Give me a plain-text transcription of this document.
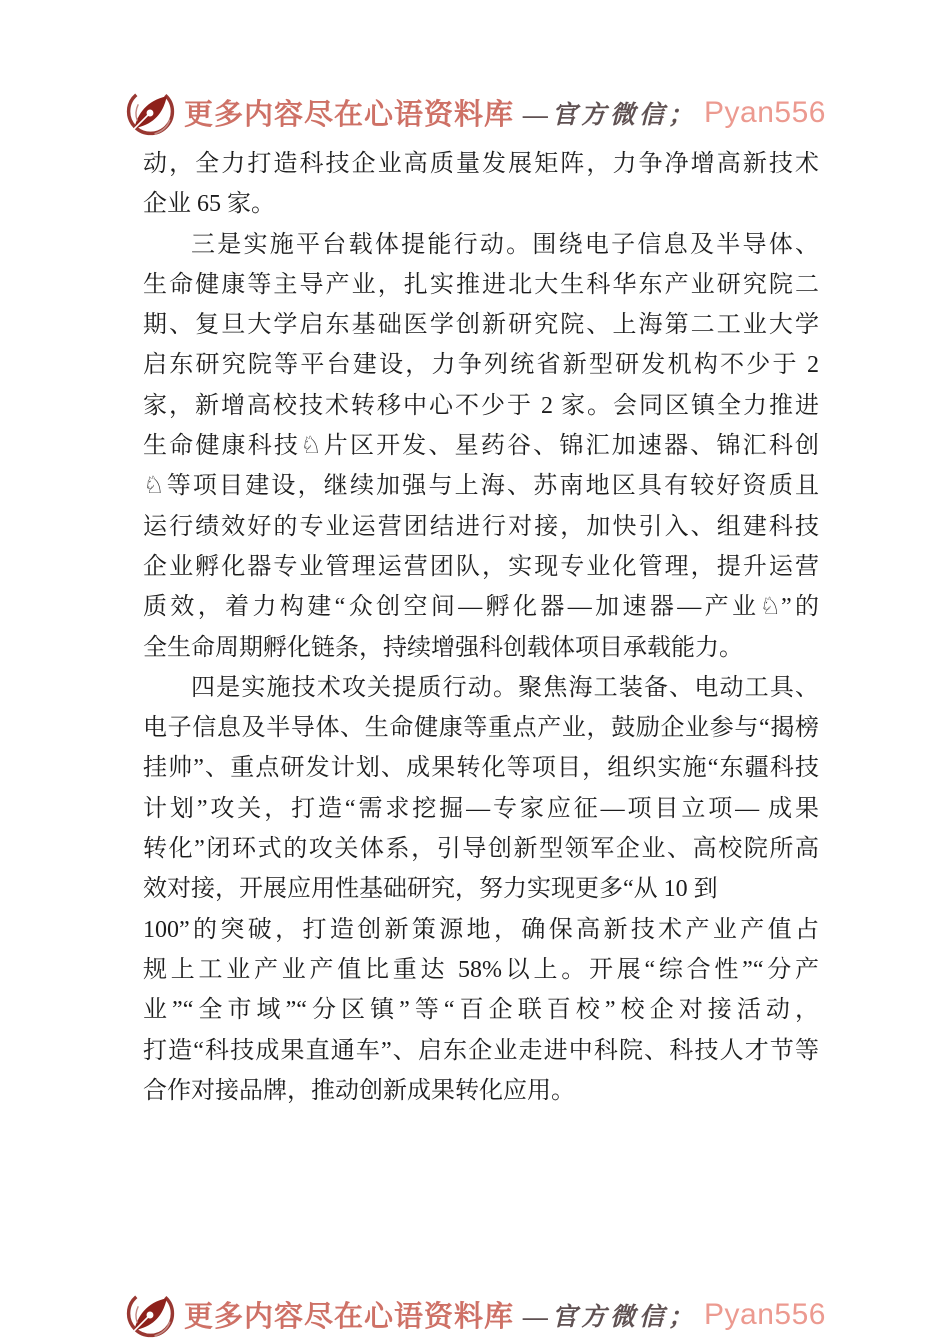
更多内容尽在心语资料库 —官方微信； Pyan556
动，全力打造科技企业高质量发展矩阵，力争净增高新技术
企业 65 家。
三是实施平台载体提能行动。围绕电子信息及半导体、
生命健康等主导产业，扎实推进北大生科华东产业研究院二
期、复旦大学启东基础医学创新研究院、上海第二工业大学
启东研究院等平台建设，力争列统省新型研发机构不少于 2
家，新增高校技术转移中心不少于 2 家。会同区镇全力推进
生命健康科技♘片区开发、星药谷、锦汇加速器、锦汇科创
♘等项目建设，继续加强与上海、苏南地区具有较好资质且
运行绩效好的专业运营团结进行对接，加快引入、组建科技
企业孵化器专业管理运营团队，实现专业化管理，提升运营
质效，着力构建“众创空间—孵化器—加速器—产业♘”的
全生命周期孵化链条，持续增强科创载体项目承载能力。
四是实施技术攻关提质行动。聚焦海工装备、电动工具、
电子信息及半导体、生命健康等重点产业，鼓励企业参与“揭榜
挂帅”、重点研发计划、成果转化等项目，组织实施“东疆科技
计划”攻关，打造“需求挖掘—专家应征—项目立项— 成果
转化”闭环式的攻关体系，引导创新型领军企业、高校院所高
效对接，开展应用性基础研究，努力实现更多“从 10 到
100”的突破，打造创新策源地，确保高新技术产业产值占
规上工业产业产值比重达 58%以上。开展“综合性”“分产
业”“全市域”“分区镇”等“百企联百校”校企对接活动，
打造“科技成果直通车”、启东企业走进中科院、科技人才节等
合作对接品牌，推动创新成果转化应用。
更多内容尽在心语资料库 —官方微信； Pyan556
